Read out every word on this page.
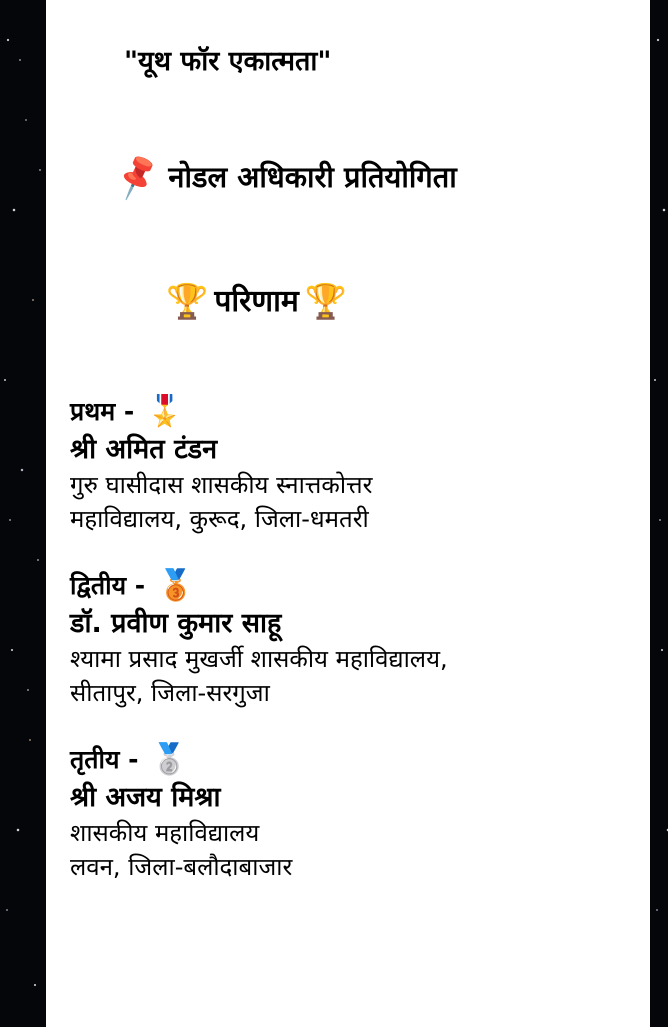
"यूथ फॉर एकात्मता"
📌 नोडल अधिकारी प्रतियोगिता
🏆 परिणाम 🏆
प्रथम - 🎖️
श्री अमित टंडन
गुरु घासीदास शासकीय स्नात्तकोत्तर
महाविद्यालय, कुरूद, जिला-धमतरी
द्वितीय - 🥉
डॉ. प्रवीण कुमार साहू
श्यामा प्रसाद मुखर्जी शासकीय महाविद्यालय,
सीतापुर, जिला-सरगुजा
तृतीय - 🥈
श्री अजय मिश्रा
शासकीय महाविद्यालय
लवन, जिला-बलौदाबाजार
